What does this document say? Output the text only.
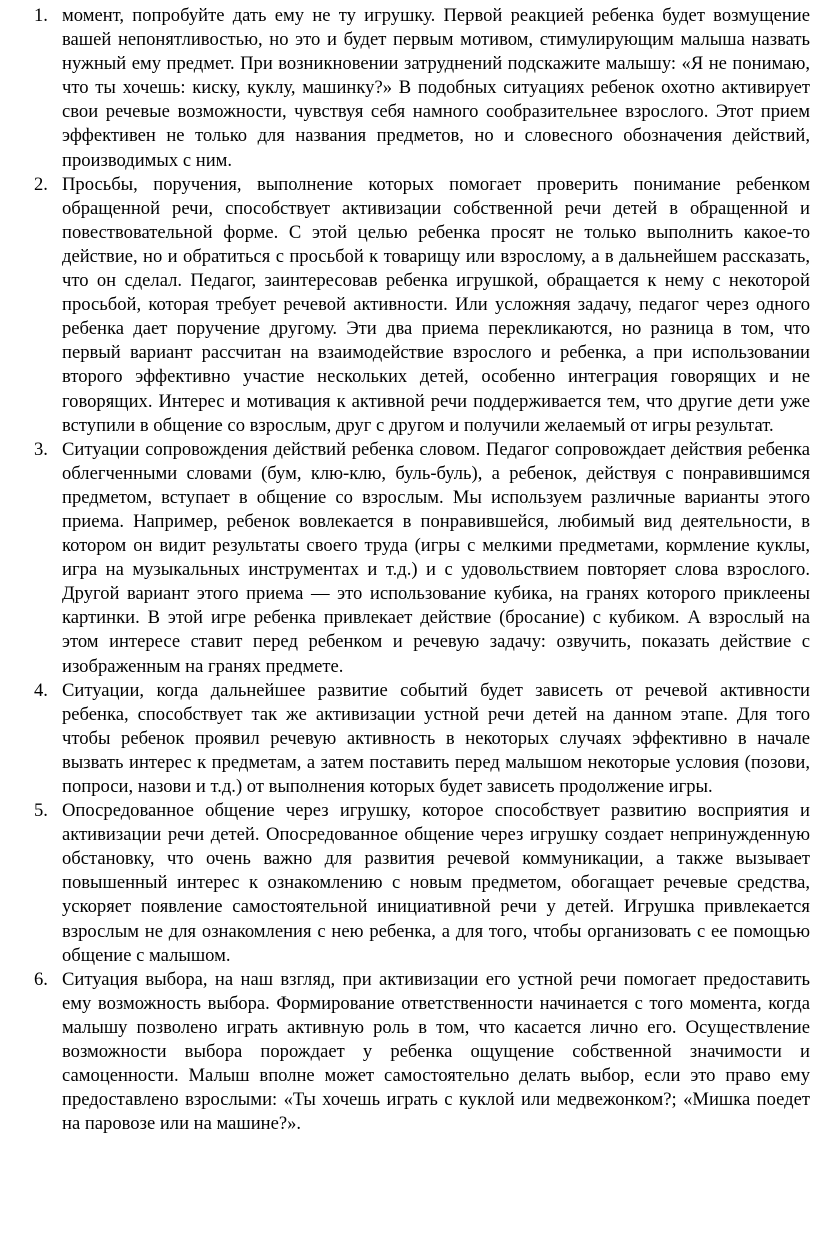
1. момент, попробуйте дать ему не ту игрушку. Первой реакцией ребенка будет возмущение вашей непонятливостью, но это и будет первым мотивом, стимулирующим малыша назвать нужный ему предмет. При возникновении затруднений подскажите малышу: «Я не понимаю, что ты хочешь: киску, куклу, машинку?» В подобных ситуациях ребенок охотно активирует свои речевые возможности, чувствуя себя намного сообразительнее взрослого. Этот прием эффективен не только для названия предметов, но и словесного обозначения действий, производимых с ним.
2. Просьбы, поручения, выполнение которых помогает проверить понимание ребенком обращенной речи, способствует активизации собственной речи детей в обращенной и повествовательной форме. С этой целью ребенка просят не только выполнить какое-то действие, но и обратиться с просьбой к товарищу или взрослому, а в дальнейшем рассказать, что он сделал. Педагог, заинтересовав ребенка игрушкой, обращается к нему с некоторой просьбой, которая требует речевой активности. Или усложняя задачу, педагог через одного ребенка дает поручение другому. Эти два приема перекликаются, но разница в том, что первый вариант рассчитан на взаимодействие взрослого и ребенка, а при использовании второго эффективно участие нескольких детей, особенно интеграция говорящих и не говорящих. Интерес и мотивация к активной речи поддерживается тем, что другие дети уже вступили в общение со взрослым, друг с другом и получили желаемый от игры результат.
3. Ситуации сопровождения действий ребенка словом. Педагог сопровождает действия ребенка облегченными словами (бум, клю-клю, буль-буль), а ребенок, действуя с понравившимся предметом, вступает в общение со взрослым. Мы используем различные варианты этого приема. Например, ребенок вовлекается в понравившейся, любимый вид деятельности, в котором он видит результаты своего труда (игры с мелкими предметами, кормление куклы, игра на музыкальных инструментах и т.д.) и с удовольствием повторяет слова взрослого. Другой вариант этого приема — это использование кубика, на гранях которого приклеены картинки. В этой игре ребенка привлекает действие (бросание) с кубиком. А взрослый на этом интересе ставит перед ребенком и речевую задачу: озвучить, показать действие с изображенным на гранях предмете.
4. Ситуации, когда дальнейшее развитие событий будет зависеть от речевой активности ребенка, способствует так же активизации устной речи детей на данном этапе. Для того чтобы ребенок проявил речевую активность в некоторых случаях эффективно в начале вызвать интерес к предметам, а затем поставить перед малышом некоторые условия (позови, попроси, назови и т.д.) от выполнения которых будет зависеть продолжение игры.
5. Опосредованное общение через игрушку, которое способствует развитию восприятия и активизации речи детей. Опосредованное общение через игрушку создает непринужденную обстановку, что очень важно для развития речевой коммуникации, а также вызывает повышенный интерес к ознакомлению с новым предметом, обогащает речевые средства, ускоряет появление самостоятельной инициативной речи у детей. Игрушка привлекается взрослым не для ознакомления с нею ребенка, а для того, чтобы организовать с ее помощью общение с малышом.
6. Ситуация выбора, на наш взгляд, при активизации его устной речи помогает предоставить ему возможность выбора. Формирование ответственности начинается с того момента, когда малышу позволено играть активную роль в том, что касается лично его. Осуществление возможности выбора порождает у ребенка ощущение собственной значимости и самоценности. Малыш вполне может самостоятельно делать выбор, если это право ему предоставлено взрослыми: «Ты хочешь играть с куклой или медвежонком?; «Мишка поедет на паровозе или на машине?».
